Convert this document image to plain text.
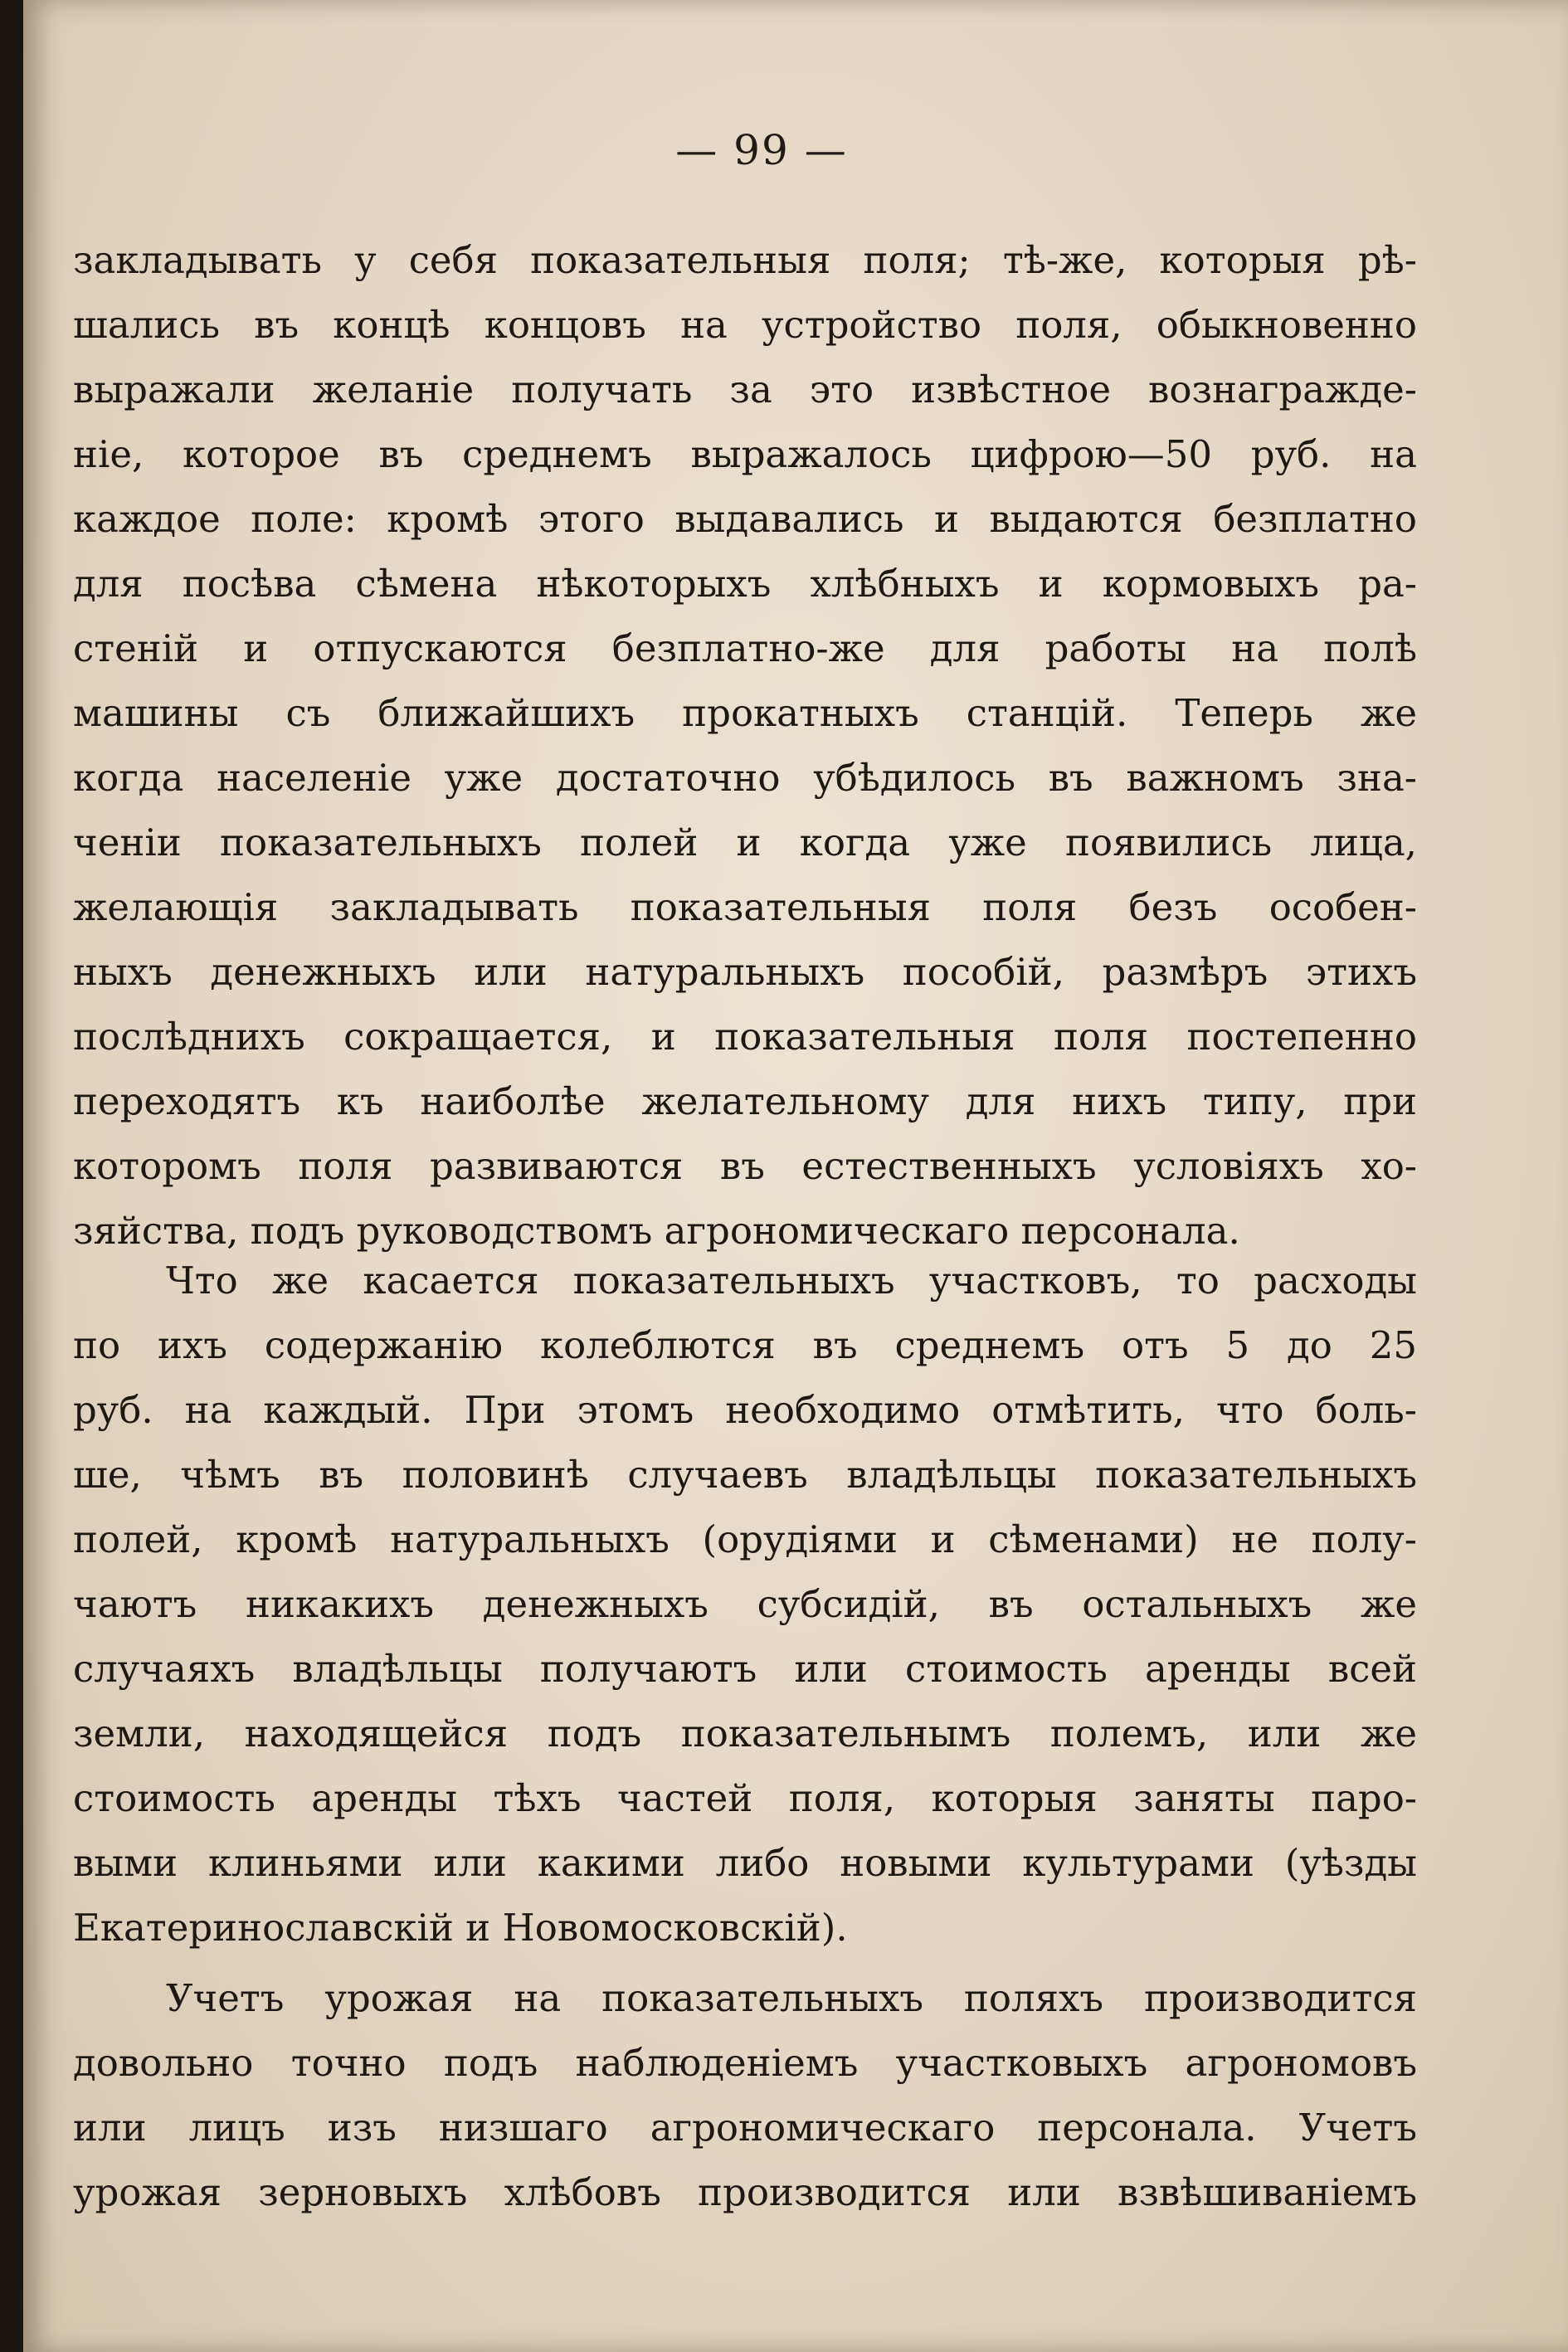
— 99 —
закладывать у себя показательныя поля; тѣ-же, которыя рѣ-
шались въ концѣ концовъ на устройство поля, обыкновенно
выражали желаніе получать за это извѣстное вознагражде-
ніе, которое въ среднемъ выражалось цифрою—50 руб. на
каждое поле: кромѣ этого выдавались и выдаются безплатно
для посѣва сѣмена нѣкоторыхъ хлѣбныхъ и кормовыхъ ра-
стеній и отпускаются безплатно-же для работы на полѣ
машины съ ближайшихъ прокатныхъ станцій. Теперь же
когда населеніе уже достаточно убѣдилось въ важномъ зна-
ченіи показательныхъ полей и когда уже появились лица,
желающія закладывать показательныя поля безъ особен-
ныхъ денежныхъ или натуральныхъ пособій, размѣръ этихъ
послѣднихъ сокращается, и показательныя поля постепенно
переходятъ къ наиболѣе желательному для нихъ типу, при
которомъ поля развиваются въ естественныхъ условіяхъ хо-
зяйства, подъ руководствомъ агрономическаго персонала.
Что же касается показательныхъ участковъ, то расходы
по ихъ содержанію колеблются въ среднемъ отъ 5 до 25
руб. на каждый. При этомъ необходимо отмѣтить, что боль-
ше, чѣмъ въ половинѣ случаевъ владѣльцы показательныхъ
полей, кромѣ натуральныхъ (орудіями и сѣменами) не полу-
чаютъ никакихъ денежныхъ субсидій, въ остальныхъ же
случаяхъ владѣльцы получаютъ или стоимость аренды всей
земли, находящейся подъ показательнымъ полемъ, или же
стоимость аренды тѣхъ частей поля, которыя заняты паро-
выми клиньями или какими либо новыми культурами (уѣзды
Екатеринославскій и Новомосковскій).
Учетъ урожая на показательныхъ поляхъ производится
довольно точно подъ наблюденіемъ участковыхъ агрономовъ
или лицъ изъ низшаго агрономическаго персонала. Учетъ
урожая зерновыхъ хлѣбовъ производится или взвѣшиваніемъ
